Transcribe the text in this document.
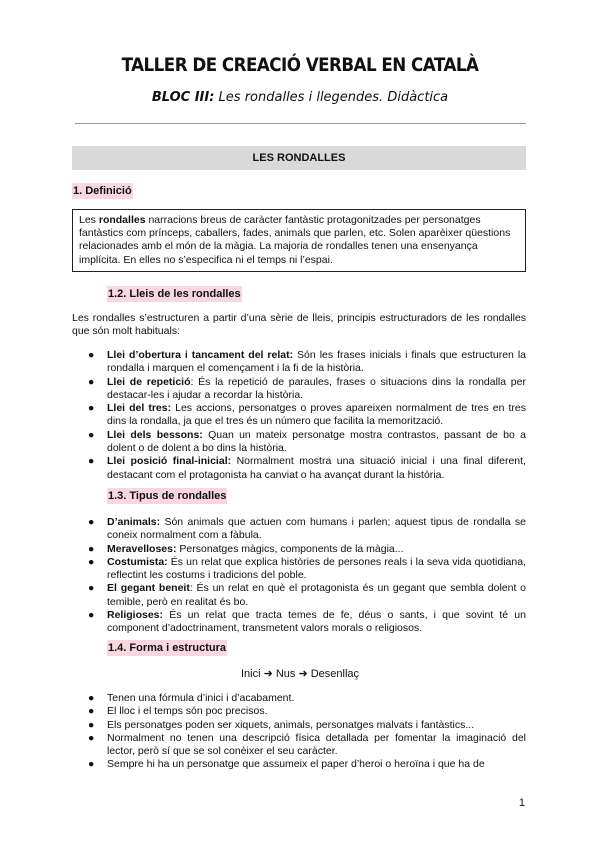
TALLER DE CREACIÓ VERBAL EN CATALÀ
BLOC III: Les rondalles i llegendes. Didàctica
LES RONDALLES
1. Definició
Les rondalles narracions breus de caràcter fantàstic protagonitzades per personatges fantàstics com prínceps, caballers, fades, animals que parlen, etc. Solen aparèixer qüestions relacionades amb el món de la màgia. La majoria de rondalles tenen una ensenyança implícita. En elles no s’especifica ni el temps ni l’espai.
1.2. Lleis de les rondalles
Les rondalles s’estructuren a partir d’una sèrie de lleis, principis estructuradors de les rondalles que són molt habituals:
● Llei d’obertura i tancament del relat: Són les frases inicials i finals que estructuren la rondalla i marquen el començament i la fi de la història.
● Llei de repetició: És la repetició de paraules, frases o situacions dins la rondalla per destacar-les i ajudar a recordar la història.
● Llei del tres: Les accions, personatges o proves apareixen normalment de tres en tres dins la rondalla, ja que el tres és un número que facilita la memorització.
● Llei dels bessons: Quan un mateix personatge mostra contrastos, passant de bo a dolent o de dolent a bo dins la història.
● Llei posició final-inicial: Normalment mostra una situació inicial i una final diferent, destacant com el protagonista ha canviat o ha avançat durant la història.
1.3. Tipus de rondalles
● D’animals: Són animals que actuen com humans i parlen; aquest tipus de rondalla se coneix normalment com a fàbula.
● Meravelloses: Personatges màgics, components de la màgia...
● Costumista: És un relat que explica històries de persones reals i la seva vida quotidiana, reflectint les costums i tradicions del poble.
● El gegant beneit: És un relat en què el protagonista és un gegant que sembla dolent o temible, però en realitat és bo.
● Religioses: És un relat que tracta temes de fe, déus o sants, i que sovint té un component d’adoctrinament, transmetent valors morals o religiosos.
1.4. Forma i estructura
Inici ➜ Nus ➜ Desenllaç
● Tenen una fórmula d’inici i d’acabament.
● El lloc i el temps són poc precisos.
● Els personatges poden ser xiquets, animals, personatges malvats i fantàstics...
● Normalment no tenen una descripció física detallada per fomentar la imaginació del lector, però sí que se sol conèixer el seu caràcter.
● Sempre hi ha un personatge que assumeix el paper d’heroi o heroïna i que ha de
1
